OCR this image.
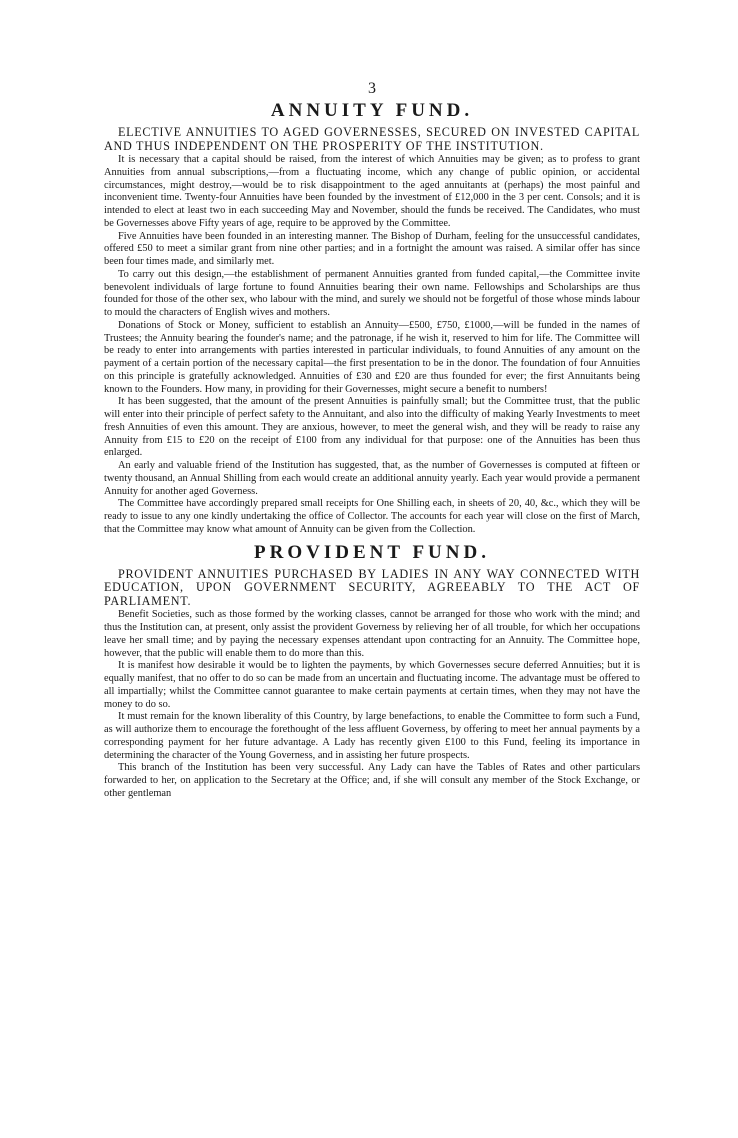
3
ANNUITY FUND.
ELECTIVE ANNUITIES TO AGED GOVERNESSES, SECURED ON INVESTED CAPITAL AND THUS INDEPENDENT ON THE PROSPERITY OF THE INSTITUTION.

It is necessary that a capital should be raised, from the interest of which Annuities may be given; as to profess to grant Annuities from annual subscriptions,—from a fluctuating income, which any change of public opinion, or accidental circumstances, might destroy,—would be to risk disappointment to the aged annuitants at (perhaps) the most painful and inconvenient time. Twenty-four Annuities have been founded by the investment of £12,000 in the 3 per cent. Consols; and it is intended to elect at least two in each succeeding May and November, should the funds be received. The Candidates, who must be Governesses above Fifty years of age, require to be approved by the Committee.

Five Annuities have been founded in an interesting manner. The Bishop of Durham, feeling for the unsuccessful candidates, offered £50 to meet a similar grant from nine other parties; and in a fortnight the amount was raised. A similar offer has since been four times made, and similarly met.

To carry out this design,—the establishment of permanent Annuities granted from funded capital,—the Committee invite benevolent individuals of large fortune to found Annuities bearing their own name. Fellowships and Scholarships are thus founded for those of the other sex, who labour with the mind, and surely we should not be forgetful of those whose minds labour to mould the characters of English wives and mothers.

Donations of Stock or Money, sufficient to establish an Annuity—£500, £750, £1000,—will be funded in the names of Trustees; the Annuity bearing the founder's name; and the patronage, if he wish it, reserved to him for life. The Committee will be ready to enter into arrangements with parties interested in particular individuals, to found Annuities of any amount on the payment of a certain portion of the necessary capital—the first presentation to be in the donor. The foundation of four Annuities on this principle is gratefully acknowledged. Annuities of £30 and £20 are thus founded for ever; the first Annuitants being known to the Founders. How many, in providing for their Governesses, might secure a benefit to numbers!

It has been suggested, that the amount of the present Annuities is painfully small; but the Committee trust, that the public will enter into their principle of perfect safety to the Annuitant, and also into the difficulty of making Yearly Investments to meet fresh Annuities of even this amount. They are anxious, however, to meet the general wish, and they will be ready to raise any Annuity from £15 to £20 on the receipt of £100 from any individual for that purpose: one of the Annuities has been thus enlarged.

An early and valuable friend of the Institution has suggested, that, as the number of Governesses is computed at fifteen or twenty thousand, an Annual Shilling from each would create an additional annuity yearly. Each year would provide a permanent Annuity for another aged Governess.

The Committee have accordingly prepared small receipts for One Shilling each, in sheets of 20, 40, &c., which they will be ready to issue to any one kindly undertaking the office of Collector. The accounts for each year will close on the first of March, that the Committee may know what amount of Annuity can be given from the Collection.

PROVIDENT FUND.
PROVIDENT ANNUITIES PURCHASED BY LADIES IN ANY WAY CONNECTED WITH EDUCATION, UPON GOVERNMENT SECURITY, AGREEABLY TO THE ACT OF PARLIAMENT.

Benefit Societies, such as those formed by the working classes, cannot be arranged for those who work with the mind; and thus the Institution can, at present, only assist the provident Governess by relieving her of all trouble, for which her occupations leave her small time; and by paying the necessary expenses attendant upon contracting for an Annuity. The Committee hope, however, that the public will enable them to do more than this.

It is manifest how desirable it would be to lighten the payments, by which Governesses secure deferred Annuities; but it is equally manifest, that no offer to do so can be made from an uncertain and fluctuating income. The advantage must be offered to all impartially; whilst the Committee cannot guarantee to make certain payments at certain times, when they may not have the money to do so.

It must remain for the known liberality of this Country, by large benefactions, to enable the Committee to form such a Fund, as will authorize them to encourage the forethought of the less affluent Governess, by offering to meet her annual payments by a corresponding payment for her future advantage. A Lady has recently given £100 to this Fund, feeling its importance in determining the character of the Young Governess, and in assisting her future prospects.

This branch of the Institution has been very successful. Any Lady can have the Tables of Rates and other particulars forwarded to her, on application to the Secretary at the Office; and, if she will consult any member of the Stock Exchange, or other gentleman
